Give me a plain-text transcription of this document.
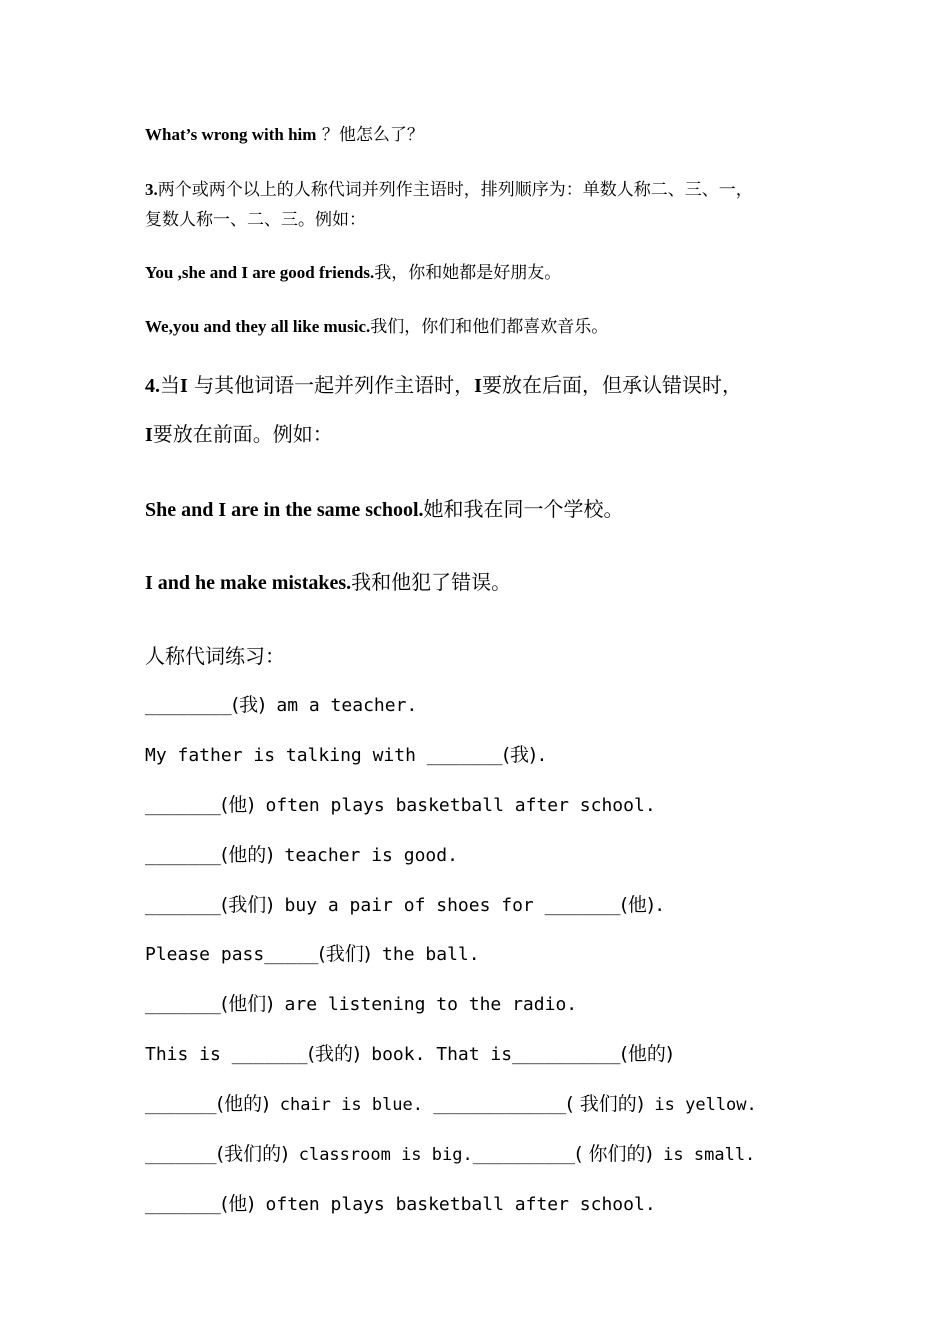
What’s wrong with him ？他怎么了？
3.两个或两个以上的人称代词并列作主语时，排列顺序为：单数人称二、三、一，
复数人称一、二、三。例如：
You ,she and I are good friends.我，你和她都是好朋友。
We,you and they all like music.我们，你们和他们都喜欢音乐。
4.当I 与其他词语一起并列作主语时，I要放在后面，但承认错误时，
I要放在前面。例如：
She and I are in the same school.她和我在同一个学校。
I and he make mistakes.我和他犯了错误。
人称代词练习：
________(我) am a teacher.
My father is talking with _______(我).
_______(他) often plays basketball after school.
_______(他的) teacher is good.
_______(我们) buy a pair of shoes for _______(他).
Please pass_____(我们) the ball.
_______(他们) are listening to the radio.
This is _______(我的) book. That is__________(他的)
_______(他的) chair is blue. _____________( 我们的) is yellow.
_______(我们的) classroom is big.__________( 你们的) is small.
_______(他) often plays basketball after school.
